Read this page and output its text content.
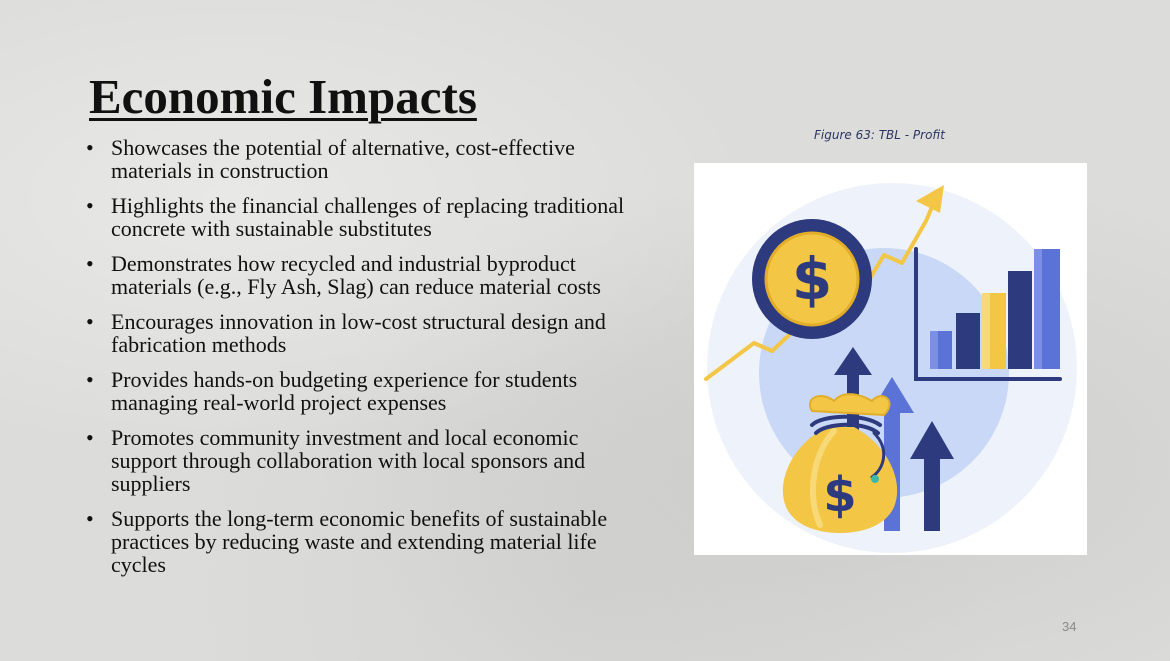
Economic Impacts
• Showcases the potential of alternative, cost-effective materials in construction
• Highlights the financial challenges of replacing traditional concrete with sustainable substitutes
• Demonstrates how recycled and industrial byproduct materials (e.g., Fly Ash, Slag) can reduce material costs
• Encourages innovation in low-cost structural design and fabrication methods
• Provides hands-on budgeting experience for students managing real-world project expenses
• Promotes community investment and local economic support through collaboration with local sponsors and suppliers
• Supports the long-term economic benefits of sustainable practices by reducing waste and extending material life cycles
Figure 63: TBL - Profit
$
$
34
